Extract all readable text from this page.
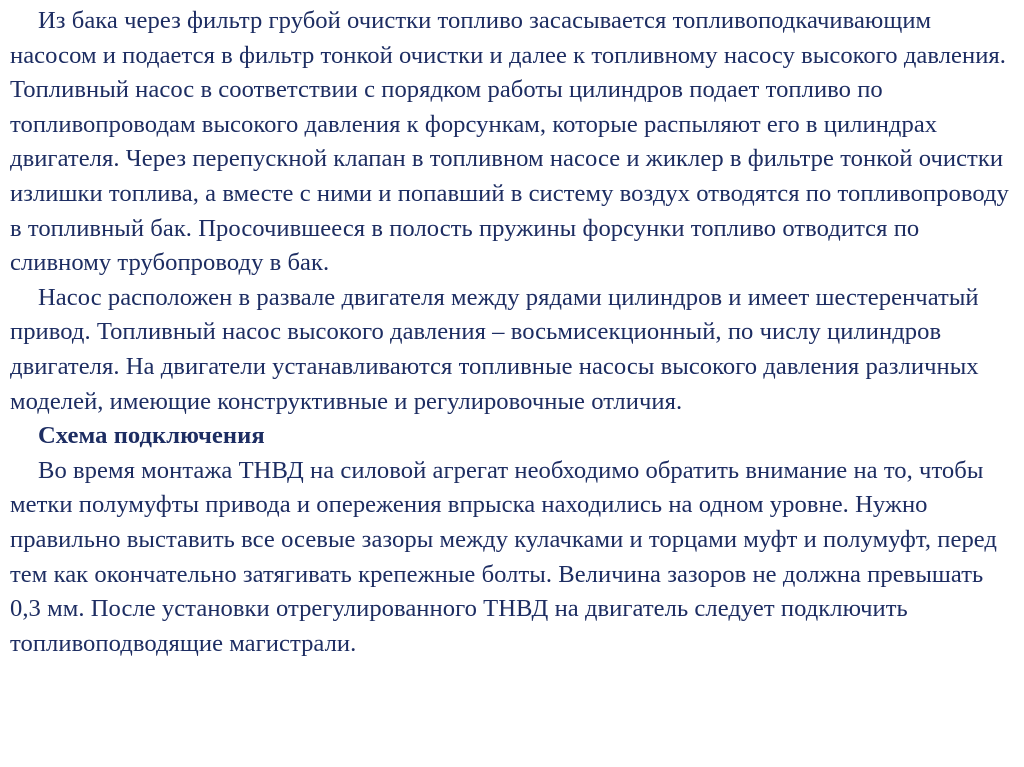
Из бака через фильтр грубой очистки топливо засасывается топливоподкачивающим насосом и подается в фильтр тонкой очистки и далее к топливному насосу высокого давления. Топливный насос в соответствии с порядком работы цилиндров подает топливо по топливопроводам высокого давления к форсункам, которые распыляют его в цилиндрах двигателя. Через перепускной клапан в топливном насосе и жиклер в фильтре тонкой очистки излишки топлива, а вместе с ними и попавший в систему воздух отводятся по топливопроводу в топливный бак. Просочившееся в полость пружины форсунки топливо отводится по сливному трубопроводу в бак.

Насос расположен в развале двигателя между рядами цилиндров и имеет шестеренчатый привод. Топливный насос высокого давления – восьмисекционный, по числу цилиндров двигателя. На двигатели устанавливаются топливные насосы высокого давления различных моделей, имеющие конструктивные и регулировочные отличия.

Схема подключения

Во время монтажа ТНВД на силовой агрегат необходимо обратить внимание на то, чтобы метки полумуфты привода и опережения впрыска находились на одном уровне. Нужно правильно выставить все осевые зазоры между кулачками и торцами муфт и полумуфт, перед тем как окончательно затягивать крепежные болты. Величина зазоров не должна превышать 0,3 мм. После установки отрегулированного ТНВД на двигатель следует подключить топливоподводящие магистрали.
